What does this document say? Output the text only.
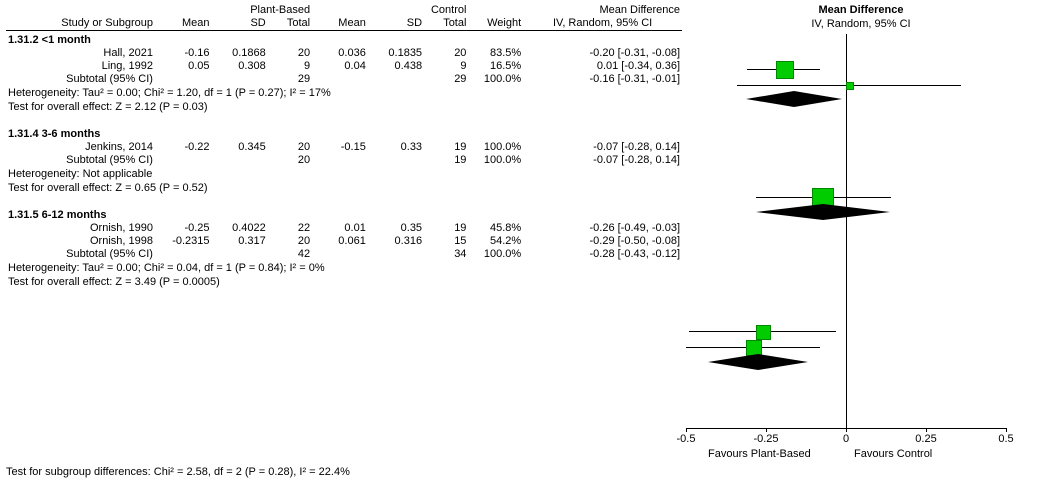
	Plant-Based			Control				Mean Difference
Study or Subgroup	Mean	SD	Total	Mean	SD	Total	Weight	IV, Random, 95% CI
1.31.2 <1 month								
Hall, 2021	-0.16	0.1868	20	0.036	0.1835	20	83.5%	-0.20 [-0.31, -0.08]
Ling, 1992	0.05	0.308	9	0.04	0.438	9	16.5%	0.01 [-0.34, 0.36]
Subtotal (95% CI)			29			29	100.0%	-0.16 [-0.31, -0.01]
Heterogeneity: Tau² = 0.00; Chi² = 1.20, df = 1 (P = 0.27); I² = 17%								
Test for overall effect: Z = 2.12 (P = 0.03)								

1.31.4 3-6 months								
Jenkins, 2014	-0.22	0.345	20	-0.15	0.33	19	100.0%	-0.07 [-0.28, 0.14]
Subtotal (95% CI)			20			19	100.0%	-0.07 [-0.28, 0.14]
Heterogeneity: Not applicable								
Test for overall effect: Z = 0.65 (P = 0.52)								

1.31.5 6-12 months								
Ornish, 1990	-0.25	0.4022	22	0.01	0.35	19	45.8%	-0.26 [-0.49, -0.03]
Ornish, 1998	-0.2315	0.317	20	0.061	0.316	15	54.2%	-0.29 [-0.50, -0.08]
Subtotal (95% CI)			42			34	100.0%	-0.28 [-0.43, -0.12]
Heterogeneity: Tau² = 0.00; Chi² = 0.04, df = 1 (P = 0.84); I² = 0%								
Test for overall effect: Z = 3.49 (P = 0.0005)								
Test for subgroup differences: Chi² = 2.58, df = 2 (P = 0.28), I² = 22.4%
Mean Difference
IV, Random, 95% CI
-0.5	-0.25	0	0.25	0.5
Favours Plant-Based	Favours Control
